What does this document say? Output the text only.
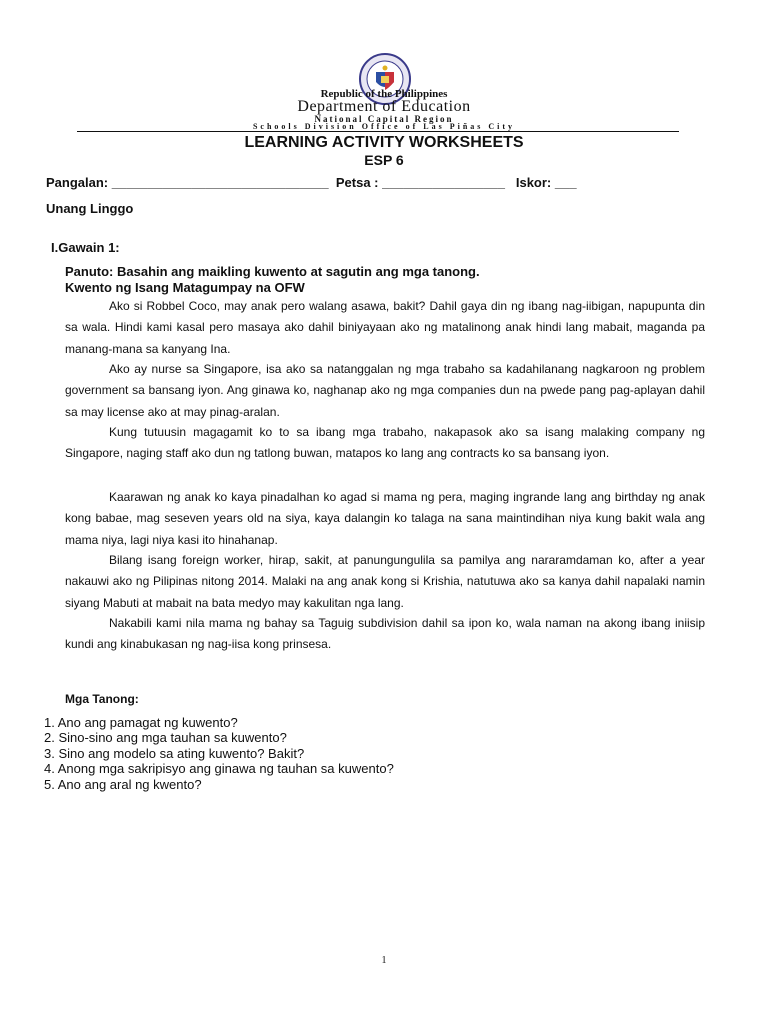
Republic of the Philippines
Department of Education
National Capital Region
Schools Division Office of Las Piñas City
LEARNING ACTIVITY WORKSHEETS
ESP 6
Pangalan: ______________________________  Petsa : _________________   Iskor: ___
Unang Linggo
I.Gawain 1:
Panuto: Basahin ang maikling kuwento at sagutin ang mga tanong.
Kwento ng Isang Matagumpay na OFW

Ako si Robbel Coco, may anak pero walang asawa, bakit? Dahil gaya din ng ibang nag-iibigan, napupunta din sa wala. Hindi kami kasal pero masaya ako dahil biniyayaan ako ng matalinong anak hindi lang mabait, maganda pa manang-mana sa kanyang Ina.

Ako ay nurse sa Singapore, isa ako sa natanggalan ng mga trabaho sa kadahilanang nagkaroon ng problem government sa bansang iyon. Ang ginawa ko, naghanap ako ng mga companies dun na pwede pang pag-aplayan dahil sa may license ako at may pinag-aralan.

Kung tutuusin magagamit ko to sa ibang mga trabaho, nakapasok ako sa isang malaking company ng Singapore, naging staff ako dun ng tatlong buwan, matapos ko lang ang contracts ko sa bansang iyon.

Kaarawan ng anak ko kaya pinadalhan ko agad si mama ng pera, maging ingrande lang ang birthday ng anak kong babae, mag seseven years old na siya, kaya dalangin ko talaga na sana maintindihan niya kung bakit wala ang mama niya, lagi niya kasi ito hinahanap.

Bilang isang foreign worker, hirap, sakit, at panungungulila sa pamilya ang nararamdaman ko, after a year nakauwi ako ng Pilipinas nitong 2014. Malaki na ang anak kong si Krishia, natutuwa ako sa kanya dahil napalaki namin siyang Mabuti at mabait na bata medyo may kakulitan nga lang.

Nakabili kami nila mama ng bahay sa Taguig subdivision dahil sa ipon ko, wala naman na akong ibang iniisip kundi ang kinabukasan ng nag-iisa kong prinsesa.

Mga Tanong:
1. Ano ang pamagat ng kuwento?
2. Sino-sino ang mga tauhan sa kuwento?
3. Sino ang modelo sa ating kuwento? Bakit?
4. Anong mga sakripisyo ang ginawa ng tauhan sa kuwento?
5. Ano ang aral ng kwento?
1
